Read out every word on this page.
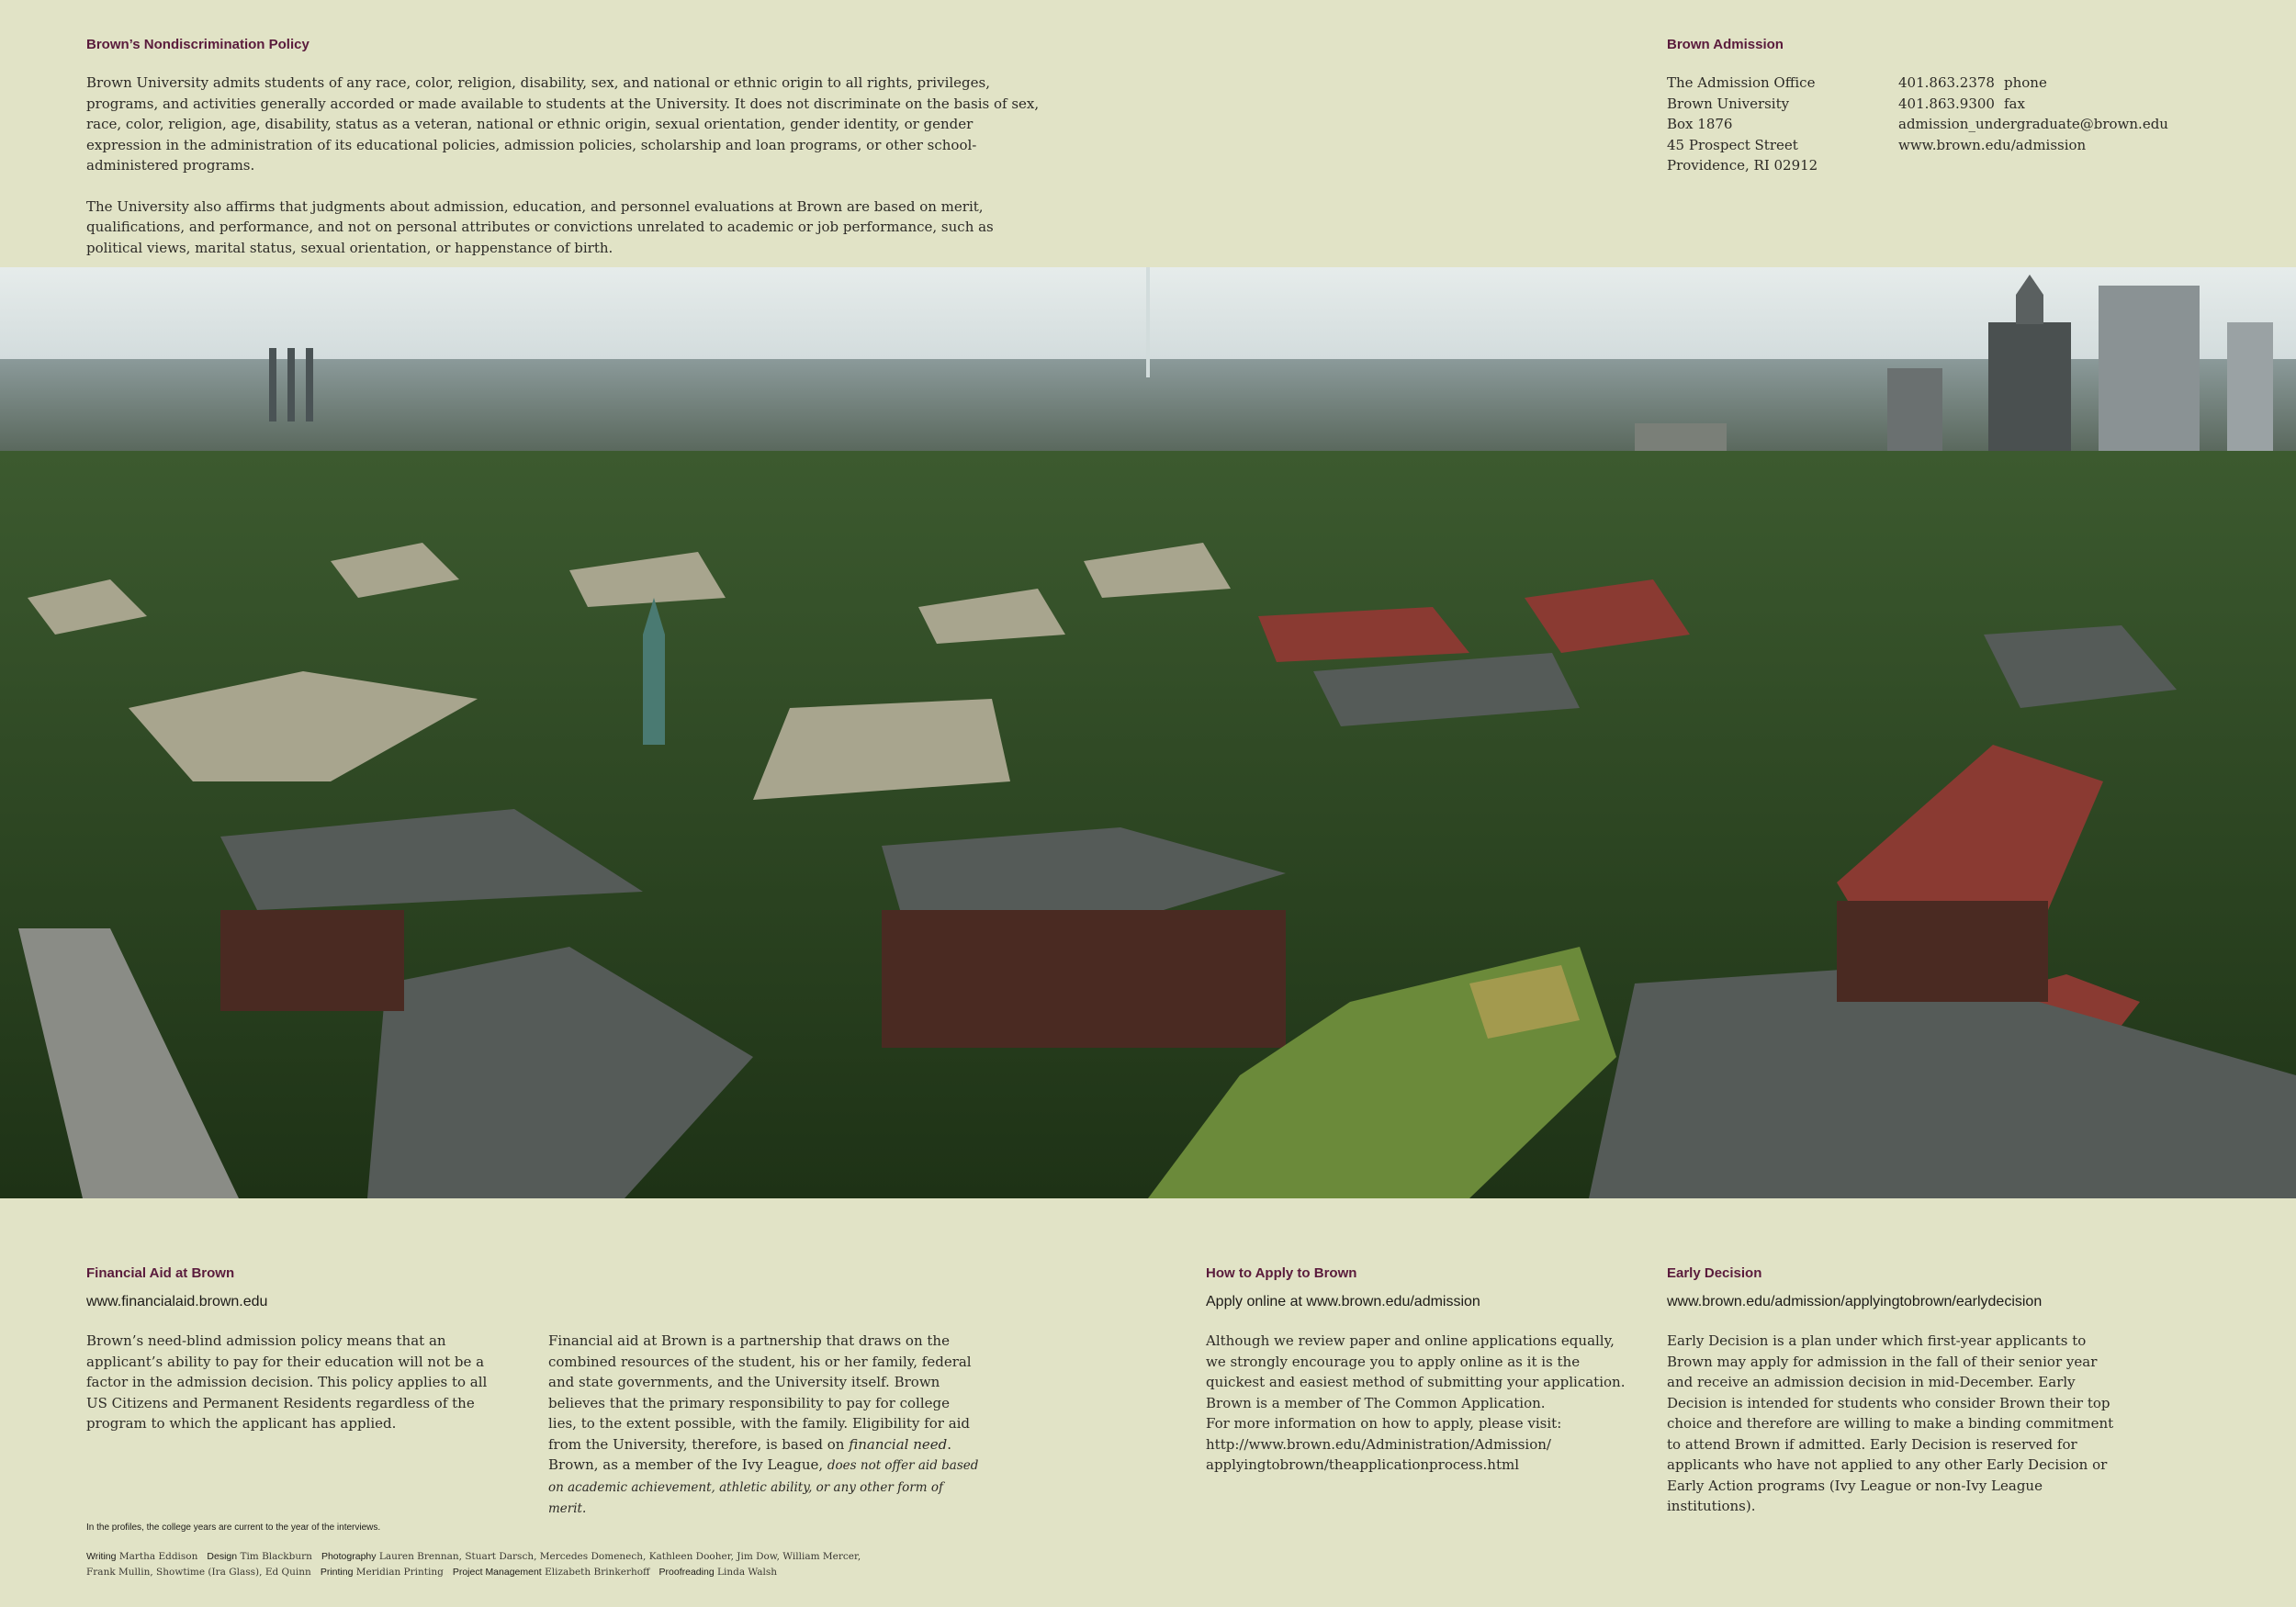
Brown’s Nondiscrimination Policy

Brown University admits students of any race, color, religion, disability, sex, and national or ethnic origin to all rights, privileges, programs, and activities generally accorded or made available to students at the University. It does not discriminate on the basis of sex, race, color, religion, age, disability, status as a veteran, national or ethnic origin, sexual orientation, gender identity, or gender expression in the administration of its educational policies, admission policies, scholarship and loan programs, or other school-administered programs.

The University also affirms that judgments about admission, education, and personnel evaluations at Brown are based on merit, qualifications, and performance, and not on personal attributes or convictions unrelated to academic or job performance, such as political views, marital status, sexual orientation, or happenstance of birth.

Brown Admission
The Admission Office
Brown University
Box 1876
45 Prospect Street
Providence, RI 02912
401.863.2378 phone
401.863.9300 fax
admission_undergraduate@brown.edu
www.brown.edu/admission
Financial Aid at Brown
www.financialaid.brown.edu

Brown’s need-blind admission policy means that an applicant’s ability to pay for their education will not be a factor in the admission decision. This policy applies to all US Citizens and Permanent Residents regardless of the program to which the applicant has applied.

Financial aid at Brown is a partnership that draws on the combined resources of the student, his or her family, federal and state governments, and the University itself. Brown believes that the primary responsibility to pay for college lies, to the extent possible, with the family. Eligibility for aid from the University, therefore, is based on financial need. Brown, as a member of the Ivy League, does not offer aid based on academic achievement, athletic ability, or any other form of merit.

In the profiles, the college years are current to the year of the interviews.
Writing Martha Eddison Design Tim Blackburn Photography Lauren Brennan, Stuart Darsch, Mercedes Domenech, Kathleen Dooher, Jim Dow, William Mercer,
Frank Mullin, Showtime (Ira Glass), Ed Quinn Printing Meridian Printing Project Management Elizabeth Brinkerhoff Proofreading Linda Walsh
How to Apply to Brown
Apply online at www.brown.edu/admission

Although we review paper and online applications equally, we strongly encourage you to apply online as it is the quickest and easiest method of submitting your application. Brown is a member of The Common Application.

For more information on how to apply, please visit:

http://www.brown.edu/Administration/Admission/
applyingtobrown/theapplicationprocess.html

Early Decision
www.brown.edu/admission/applyingtobrown/earlydecision

Early Decision is a plan under which first-year applicants to Brown may apply for admission in the fall of their senior year and receive an admission decision in mid-December. Early Decision is intended for students who consider Brown their top choice and therefore are willing to make a binding commitment to attend Brown if admitted. Early Decision is reserved for applicants who have not applied to any other Early Decision or Early Action programs (Ivy League or non-Ivy League institutions).
